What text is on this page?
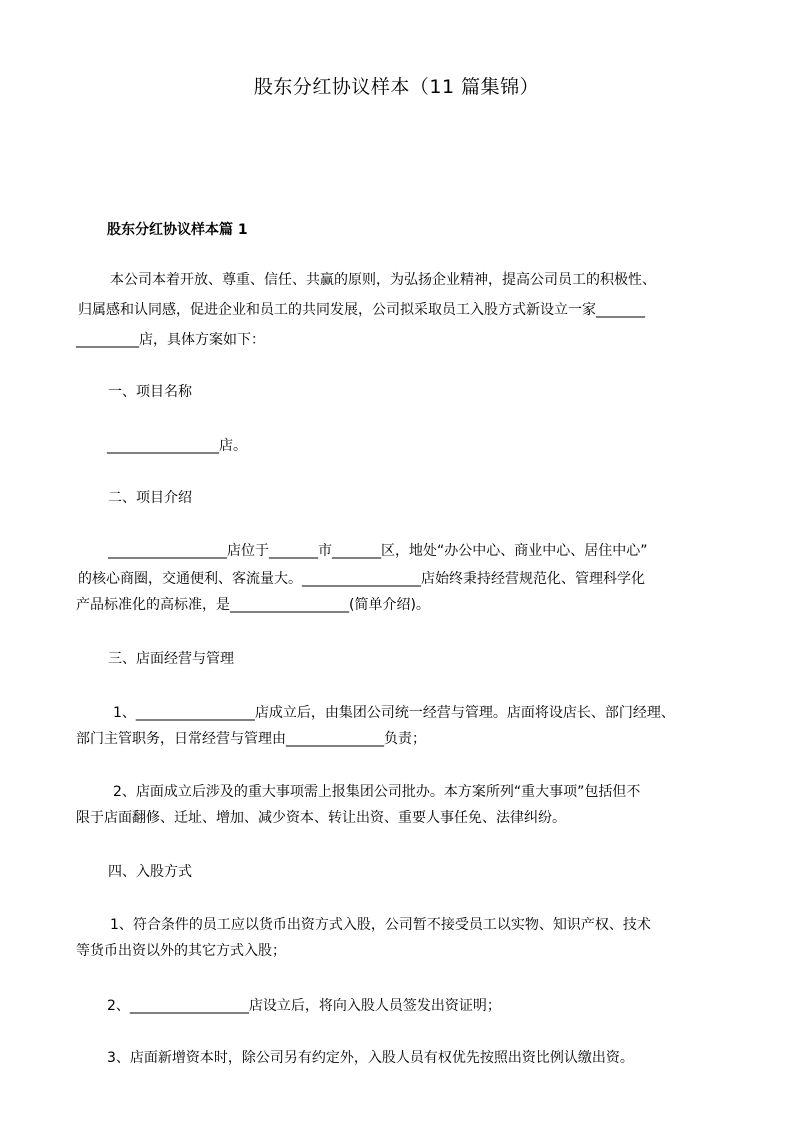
股东分红协议样本（11 篇集锦）

股东分红协议样本篇 1

本公司本着开放、尊重、信任、共赢的原则，为弘扬企业精神，提高公司员工的积极性、

归属感和认同感，促进企业和员工的共同发展，公司拟采取员工入股方式新设立一家_______

_________店，具体方案如下：

一、项目名称

________________店。

二、项目介绍

_________________店位于_______市_______区，地处“办公中心、商业中心、居住中心”

的核心商圈，交通便利、客流量大。_________________店始终秉持经营规范化、管理科学化

产品标准化的高标准，是_________________(简单介绍)。

三、店面经营与管理

1、_________________店成立后，由集团公司统一经营与管理。店面将设店长、部门经理、

部门主管职务，日常经营与管理由______________负责；

2、店面成立后涉及的重大事项需上报集团公司批办。本方案所列“重大事项”包括但不

限于店面翻修、迁址、增加、减少资本、转让出资、重要人事任免、法律纠纷。

四、入股方式

1、符合条件的员工应以货币出资方式入股，公司暂不接受员工以实物、知识产权、技术

等货币出资以外的其它方式入股；

2、_________________店设立后，将向入股人员签发出资证明；

3、店面新增资本时，除公司另有约定外，入股人员有权优先按照出资比例认缴出资。
